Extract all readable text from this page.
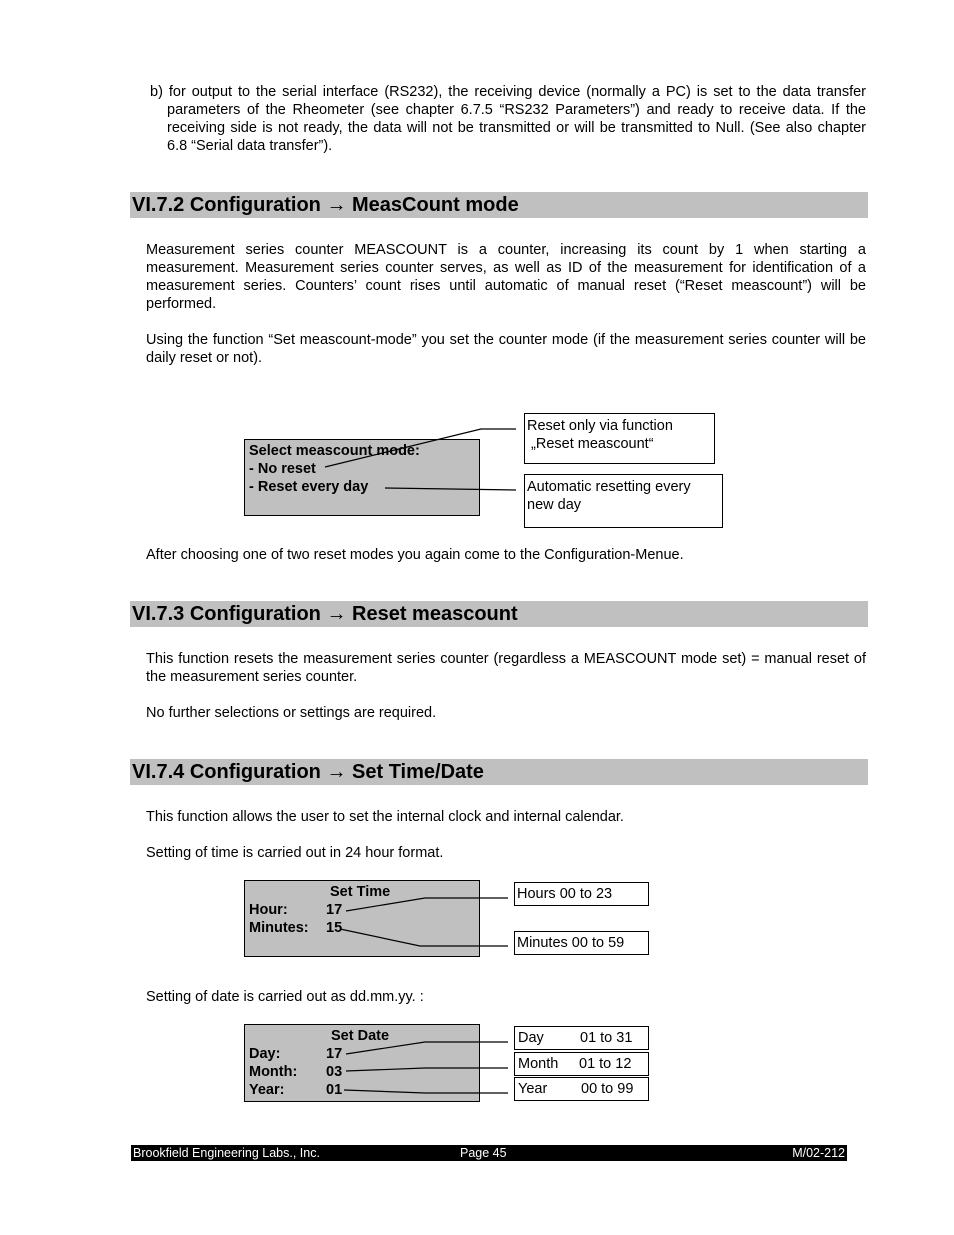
b) for output to the serial interface (RS232), the receiving device (normally a PC) is set to the data transfer parameters of the Rheometer (see chapter 6.7.5 “RS232 Parameters”) and ready to receive data. If the receiving side is not ready, the data will not be transmitted or will be transmitted to Null. (See also chapter 6.8 “Serial data transfer”).
VI.7.2 Configuration → MeasCount mode
Measurement series counter MEASCOUNT is a counter, increasing its count by 1 when starting a measurement. Measurement series counter serves, as well as ID of the measurement for identification of a measurement series. Counters’ count rises until automatic of manual reset (“Reset meascount”) will be performed.
Using the function “Set meascount-mode” you set the counter mode (if the measurement series counter will be daily reset or not).
Select meascount mode:
- No reset
- Reset every day
Reset only via function
„Reset meascount“
Automatic resetting every
new day
After choosing one of two reset modes you again come to the Configuration-Menue.
VI.7.3 Configuration → Reset meascount
This function resets the measurement series counter (regardless a MEASCOUNT mode set) = manual reset of the measurement series counter.
No further selections or settings are required.
VI.7.4 Configuration → Set Time/Date
This function allows the user to set the internal clock and internal calendar.
Setting of time is carried out in 24 hour format.
Set Time
Hour:	17
Minutes: 15
Hours 00 to 23
Minutes 00 to 59
Setting of date is carried out as dd.mm.yy. :
Set Date
Day:	17
Month: 03
Year:	01
Day 01 to 31
Month 01 to 12
Year 00 to 99
Brookfield Engineering Labs., Inc.	Page 45	M/02-212
